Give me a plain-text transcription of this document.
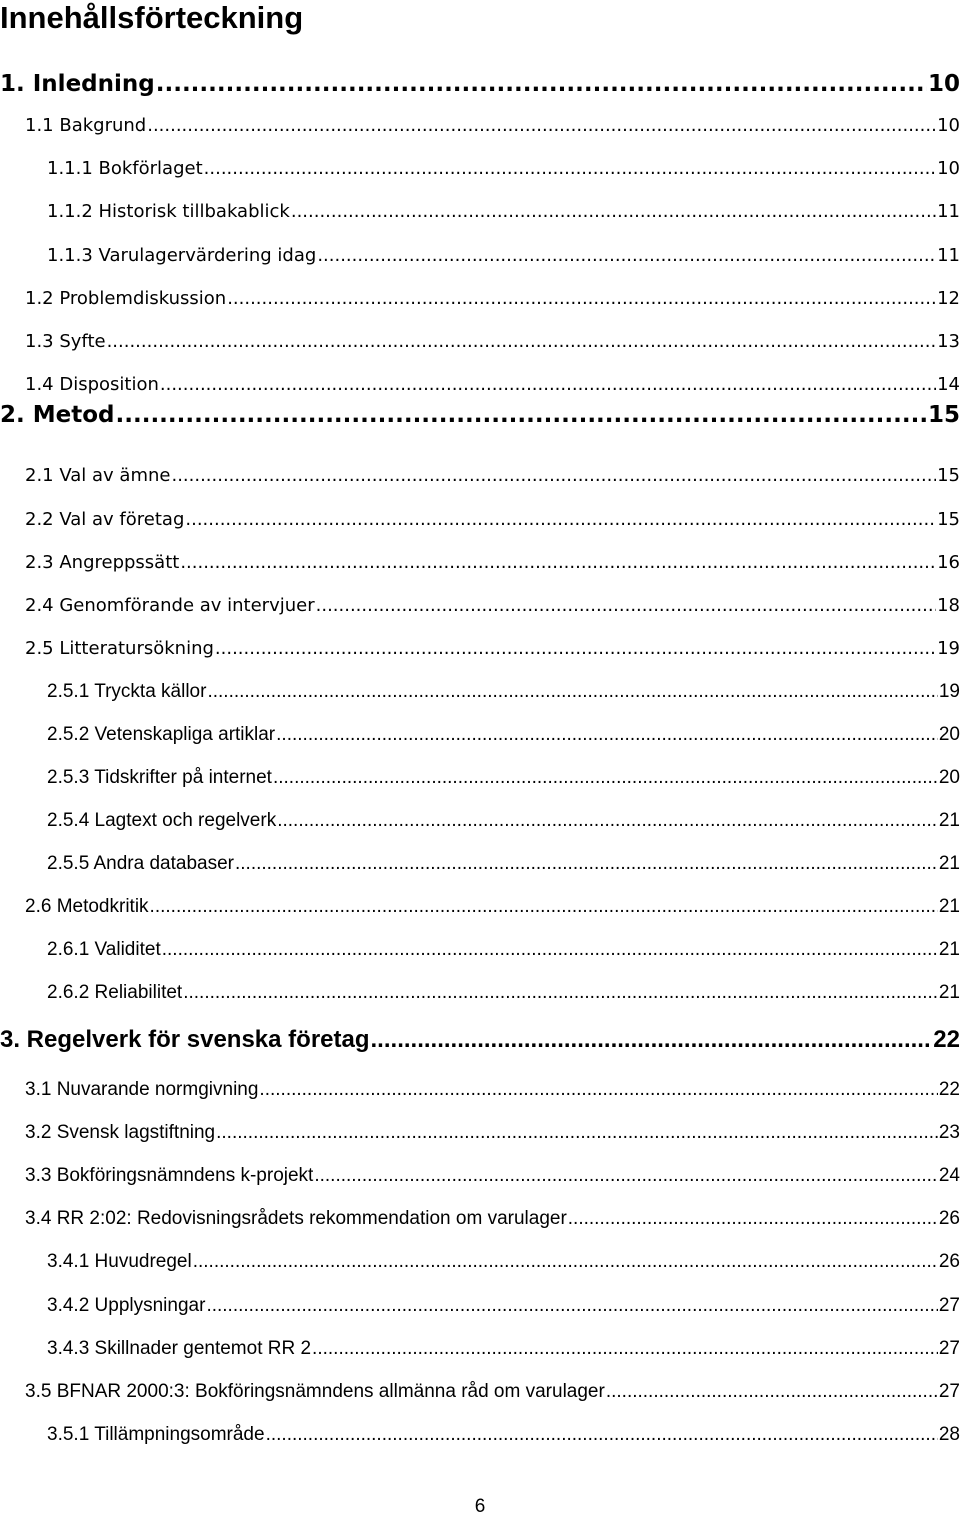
Innehållsförteckning
1. Inledning .....	10
1.1 Bakgrund .....	10
1.1.1 Bokförlaget .....	10
1.1.2 Historisk tillbakablick .....	11
1.1.3 Varulagervärdering idag .....	11
1.2 Problemdiskussion .....	12
1.3 Syfte .....	13
1.4 Disposition .....	14
2. Metod .....	15
2.1 Val av ämne .....	15
2.2 Val av företag .....	15
2.3 Angreppssätt .....	16
2.4 Genomförande av intervjuer .....	18
2.5 Litteratursökning .....	19
2.5.1 Tryckta källor .....	19
2.5.2 Vetenskapliga artiklar .....	20
2.5.3 Tidskrifter på internet .....	20
2.5.4 Lagtext och regelverk .....	21
2.5.5 Andra databaser .....	21
2.6 Metodkritik .....	21
2.6.1 Validitet .....	21
2.6.2 Reliabilitet .....	21
3. Regelverk för svenska företag .....	22
3.1 Nuvarande normgivning .....	22
3.2 Svensk lagstiftning .....	23
3.3 Bokföringsnämndens k-projekt .....	24
3.4 RR 2:02: Redovisningsrådets rekommendation om varulager .....	26
3.4.1 Huvudregel .....	26
3.4.2 Upplysningar .....	27
3.4.3 Skillnader gentemot RR 2 .....	27
3.5 BFNAR 2000:3: Bokföringsnämndens allmänna råd om varulager .....	27
3.5.1 Tillämpningsområde .....	28
6
